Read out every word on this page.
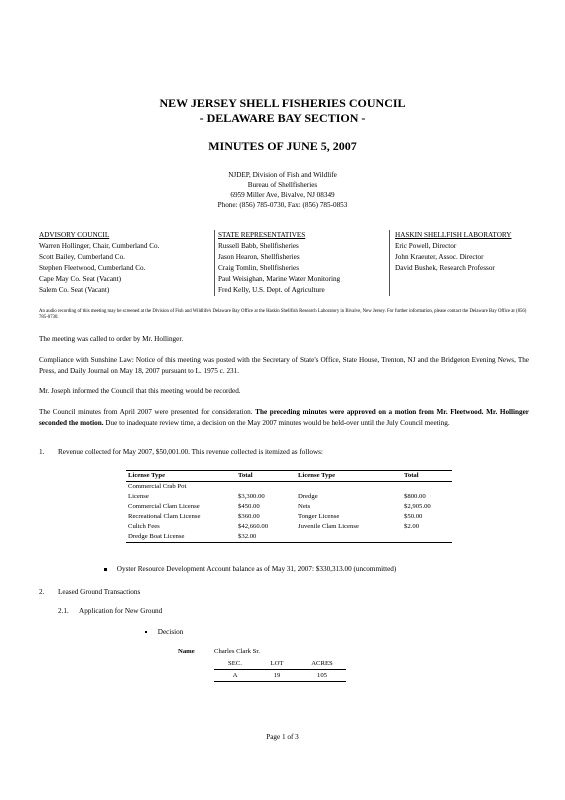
NEW JERSEY SHELL FISHERIES COUNCIL
- DELAWARE BAY SECTION -
MINUTES OF JUNE 5, 2007
NJDEP, Division of Fish and Wildlife
Bureau of Shellfisheries
6959 Miller Ave, Bivalve, NJ 08349
Phone: (856) 785-0730, Fax: (856) 785-0853
ADVISORY COUNCIL
Warren Hollinger, Chair, Cumberland Co.
Scott Bailey, Cumberland Co.
Stephen Fleetwood, Cumberland Co.
Cape May Co. Seat (Vacant)
Salem Co. Seat (Vacant)
STATE REPRESENTATIVES
Russell Babb, Shellfisheries
Jason Hearon, Shellfisheries
Craig Tomlin, Shellfisheries
Paul Weisighan, Marine Water Monitoring
Fred Kelly, U.S. Dept. of Agriculture
HASKIN SHELLFISH LABORATORY
Eric Powell, Director
John Kraeuter, Assoc. Director
David Bushek, Research Professor
An audio recording of this meeting may be screened at the Division of Fish and Wildlife's Delaware Bay Office at the Haskin Shellfish Research Laboratory in Bivalve, New Jersey. For further information, please contact the Delaware Bay Office at (856) 785-0730.
The meeting was called to order by Mr. Hollinger.
Compliance with Sunshine Law: Notice of this meeting was posted with the Secretary of State's Office, State House, Trenton, NJ and the Bridgeton Evening News, The Press, and Daily Journal on May 18, 2007 pursuant to L. 1975 c. 231.
Mr. Joseph informed the Council that this meeting would be recorded.
The Council minutes from April 2007 were presented for consideration. The preceding minutes were approved on a motion from Mr. Fleetwood. Mr. Hollinger seconded the motion. Due to inadequate review time, a decision on the May 2007 minutes would be held-over until the July Council meeting.
1. Revenue collected for May 2007, $50,001.00. This revenue collected is itemized as follows:
License Type	Total	License Type	Total
Commercial Crab Pot			
License	$3,300.00	Dredge	$800.00
Commercial Clam License	$450.00	Nets	$2,905.00
Recreational Clam License	$360.00	Tonger License	$50.00
Cultch Fees	$42,660.00	Juvenile Clam License	$2.00
Dredge Boat License	$32.00		
Oyster Resource Development Account balance as of May 31, 2007: $330,313.00 (uncommitted)
2. Leased Ground Transactions
2.1. Application for New Ground
Decision
Name	Charles Clark Sr.
SEC.	LOT	ACRES
A	19	105
Page 1 of 3
